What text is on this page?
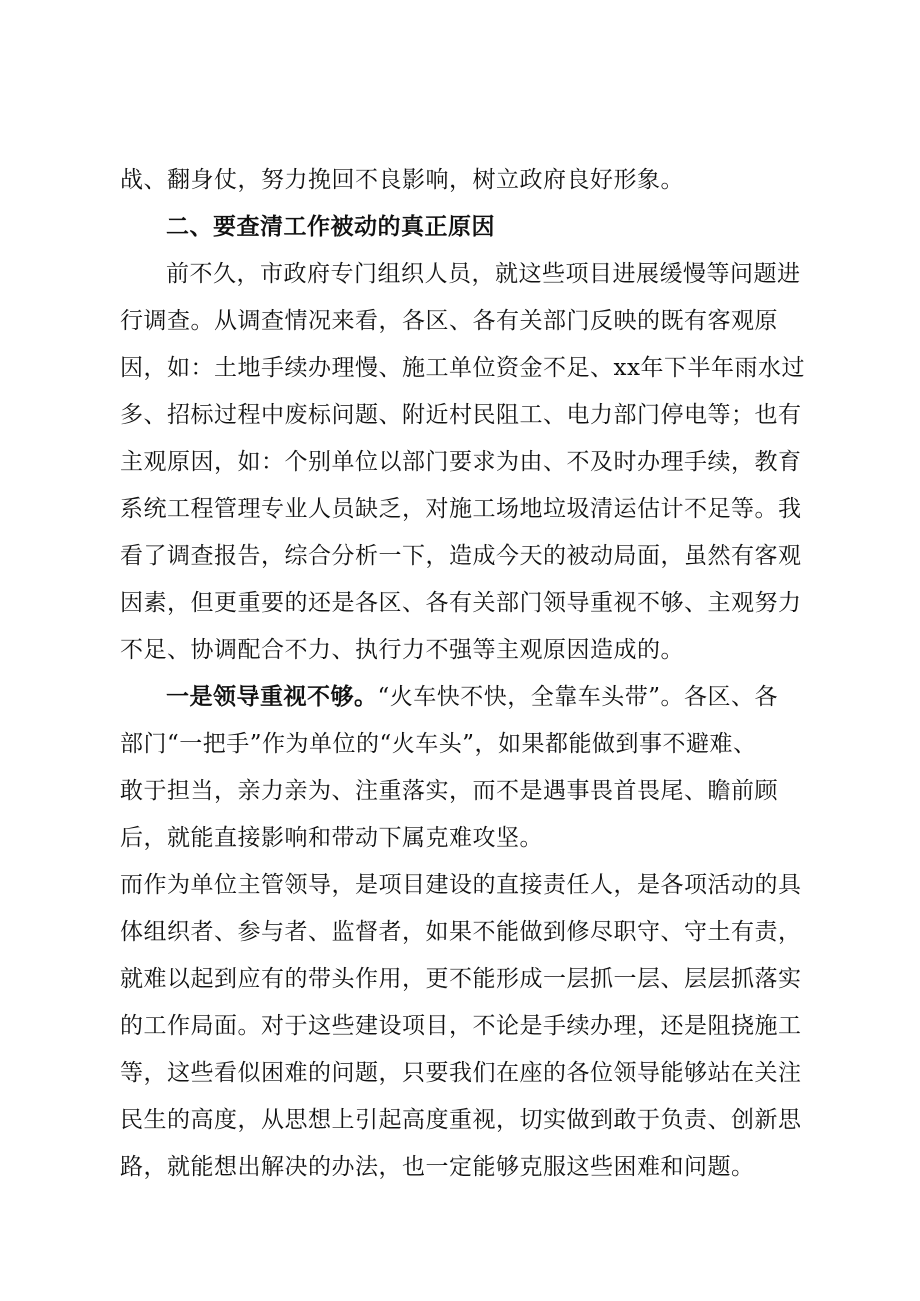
战、翻身仗，努力挽回不良影响，树立政府良好形象。
二、要查清工作被动的真正原因
前不久，市政府专门组织人员，就这些项目进展缓慢等问题进
行调查。从调查情况来看，各区、各有关部门反映的既有客观原
因，如：土地手续办理慢、施工单位资金不足、xx年下半年雨水过
多、招标过程中废标问题、附近村民阻工、电力部门停电等；也有
主观原因，如：个别单位以部门要求为由、不及时办理手续，教育
系统工程管理专业人员缺乏，对施工场地垃圾清运估计不足等。我
看了调查报告，综合分析一下，造成今天的被动局面，虽然有客观
因素，但更重要的还是各区、各有关部门领导重视不够、主观努力
不足、协调配合不力、执行力不强等主观原因造成的。
一是领导重视不够。“火车快不快，全靠车头带”。各区、各
部门“一把手”作为单位的“火车头”，如果都能做到事不避难、
敢于担当，亲力亲为、注重落实，而不是遇事畏首畏尾、瞻前顾
后，就能直接影响和带动下属克难攻坚。
而作为单位主管领导，是项目建设的直接责任人，是各项活动的具
体组织者、参与者、监督者，如果不能做到修尽职守、守土有责，
就难以起到应有的带头作用，更不能形成一层抓一层、层层抓落实
的工作局面。对于这些建设项目，不论是手续办理，还是阻挠施工
等，这些看似困难的问题，只要我们在座的各位领导能够站在关注
民生的高度，从思想上引起高度重视，切实做到敢于负责、创新思
路，就能想出解决的办法，也一定能够克服这些困难和问题。
